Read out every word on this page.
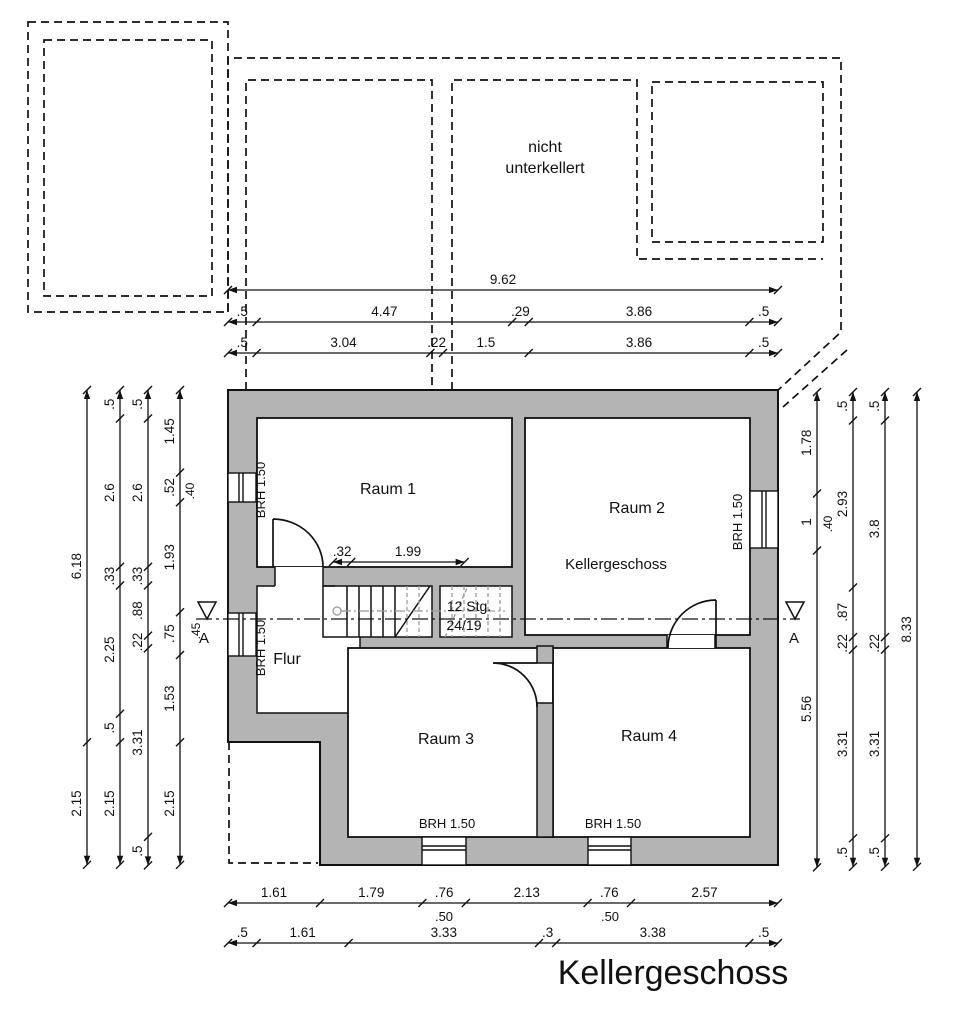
9.62
.5	4.47	.29	3.86	.5
.5	3.04	.22 1.5	3.86	.5
1.61	1.79	.76	2.13	.76	2.57
.5	1.61	3.33	.3	3.38	.5
.32	1.99
6.18
2.15
.5
2.6
.33
2.25
.5
2.15
.5
2.6
.33
.88
.22
3.31
.5
1.45
.52
1.93
.75
1.53
2.15
1.78
1
5.56
.5
2.93
.87
.22
3.31
.5
.5
3.8
.22
3.31
.5
8.33
nicht
unterkellert
Raum 1
Raum 2
Kellergeschoss
Raum 3	Raum 4
Flur
12 Stg.
24/19
BRH 1.50
BRH 1.50
BRH 1.50
BRH 1.50	BRH 1.50
.50	.50
.40
.45
.40
A	A
Kellergeschoss
